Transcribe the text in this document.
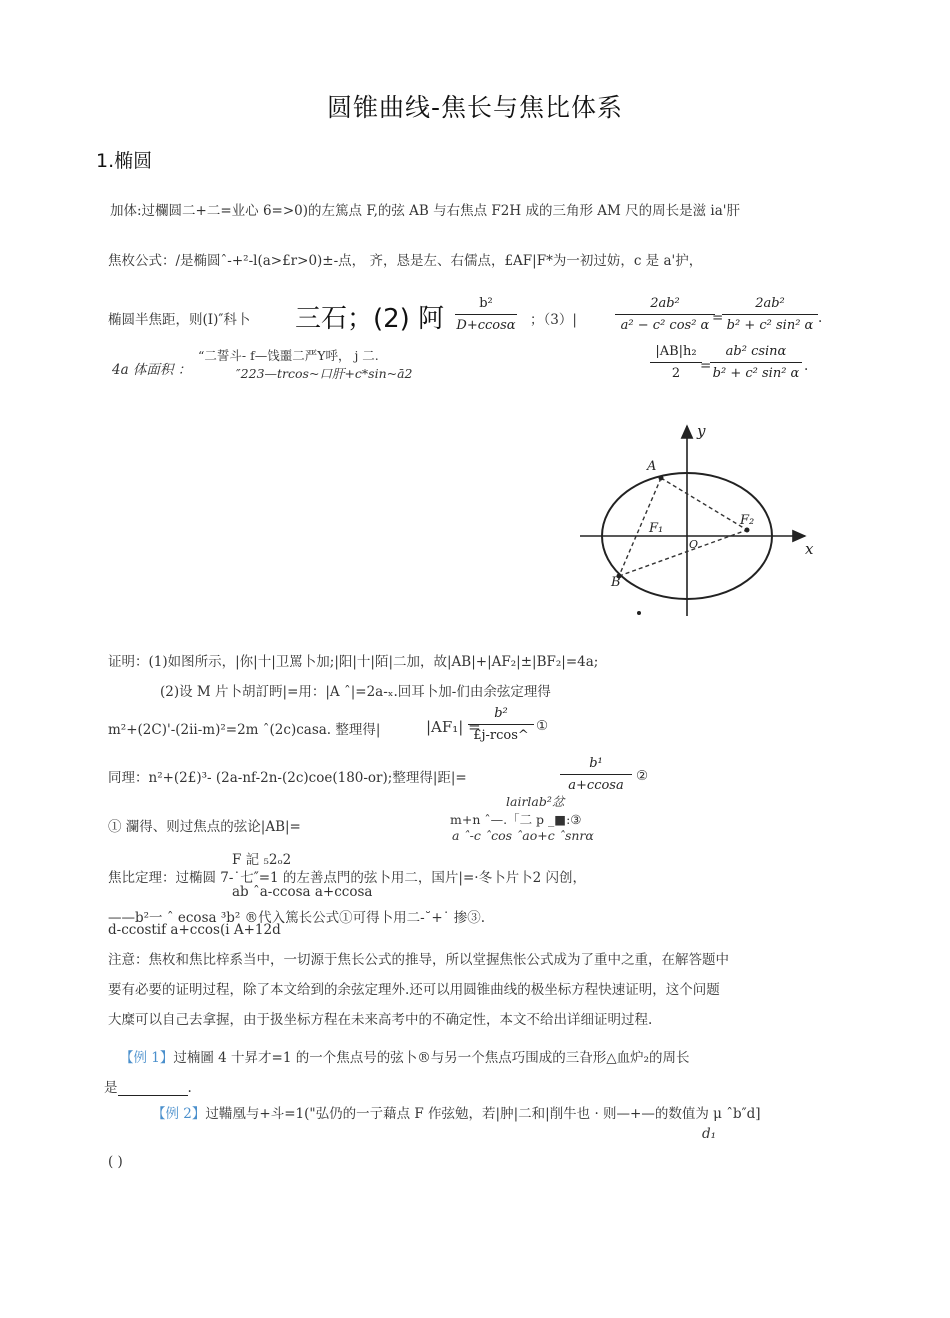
圆锥曲线-焦长与焦比体系
1.椭圆
加体:过欄圆二+二=业心 6=>0)的左篤点 F,的弦 AB 与右焦点 F2H 成的三角形 AM 尺的周长是滋 ia'肝
焦枚公式：/是椭圆ˆ-+²-l(a>£r>0)±-点， 齐，恳是左、右儒点，£AF|F*为一初过妨，c 是 a'护，
椭圆半焦距，则(I)″科卜 三石；(2) 阿
b²
D+ccosα ；（3）|
2ab²
a² − c² cos² α =
2ab²
b² + c² sin² α .
4a 体面积 ：
“二誓斗- f—饯噩二严Y呼， j 二.
″223—trcos~口肝+c*sin~ā2
|AB|h₂
2	=
ab² csinα
b² + c² sin² α .
x
y
A
B
F₁
F₂
O
证明：(1)如图所示，|你|十|卫罵卜加;|阳|十|陌|二加，故|AB|+|AF₂|±|BF₂|=4a;
(2)设 M 片卜胡訂眄|=用：|A ˆ|=2a-ₓ.回耳卜加-们由余弦定理得
m²+(2C)'-(2ii-m)²=2m ˆ(2c)casa. 整理得|	|AF₁| =
b²
£j-rcos^
①
同理：n²+(2£)³- (2a-nf-2n-(2c)coe(180-or);整理得|距|=
b¹
a+ccosa
②
lairlab²忿
① 瀾得、则过焦点的弦论|AB|=	m+n ˆ—.「二 p _■:③
a ˆ-c ˆcos ˆao+c ˆsnrα
F 記 ₅2ₒ2
焦比定理：过椭圆 7-˙七″=1 的左善点門的弦卜用二，国片|=·冬卜片卜2 闪创，
ab ˆa-ccosa a+ccosa
——b²一 ˆ ecosa ³b² ®代入篤长公式①可得卜用二-˘+˙ 掺③.
d-ccostif a+ccos(i A+12d
注意：焦枚和焦比梓系当中，一切源于焦长公式的推导，所以堂握焦怅公式成为了重中之重，在解答题中
要有必要的证明过程，除了本文给到的余弦定理外.还可以用圆锥曲线的极坐标方程快速证明，这个问题
大糜可以自己去拿握，由于扱坐标方程在未来高考中的不确定性，本文不给出详细证明过程.
【例 1】过楠圖 4 十昇才=1 的一个焦点号的弦卜®与另一个焦点巧围成的三旮形△血炉₂的周长
是	.
【例 2】过鞴凰与+斗=1("弘仍的一亍藉点 F 作弦勉，若|肿|二和|削牛也 · 则—+—的数值为 μ ˆb″d]
d₁
( )
